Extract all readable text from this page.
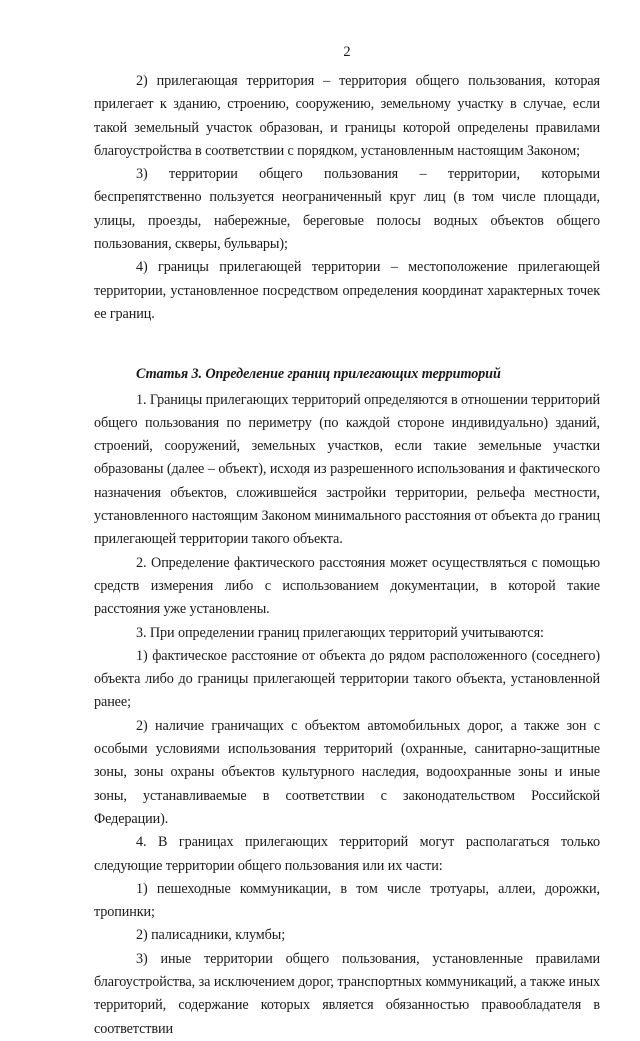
2

2) прилегающая территория – территория общего пользования, которая прилегает к зданию, строению, сооружению, земельному участку в случае, если такой земельный участок образован, и границы которой определены правилами благоустройства в соответствии с порядком, установленным настоящим Законом;

3) территории общего пользования – территории, которыми беспрепятственно пользуется неограниченный круг лиц (в том числе площади, улицы, проезды, набережные, береговые полосы водных объектов общего пользования, скверы, бульвары);

4) границы прилегающей территории – местоположение прилегающей территории, установленное посредством определения координат характерных точек ее границ.

Статья 3. Определение границ прилегающих территорий

1. Границы прилегающих территорий определяются в отношении территорий общего пользования по периметру (по каждой стороне индивидуально) зданий, строений, сооружений, земельных участков, если такие земельные участки образованы (далее – объект), исходя из разрешенного использования и фактического назначения объектов, сложившейся застройки территории, рельефа местности, установленного настоящим Законом минимального расстояния от объекта до границ прилегающей территории такого объекта.

2. Определение фактического расстояния может осуществляться с помощью средств измерения либо с использованием документации, в которой такие расстояния уже установлены.

3. При определении границ прилегающих территорий учитываются:

1) фактическое расстояние от объекта до рядом расположенного (соседнего) объекта либо до границы прилегающей территории такого объекта, установленной ранее;

2) наличие граничащих с объектом автомобильных дорог, а также зон с особыми условиями использования территорий (охранные, санитарно-защитные зоны, зоны охраны объектов культурного наследия, водоохранные зоны и иные зоны, устанавливаемые в соответствии с законодательством Российской Федерации).

4. В границах прилегающих территорий могут располагаться только следующие территории общего пользования или их части:

1) пешеходные коммуникации, в том числе тротуары, аллеи, дорожки, тропинки;

2) палисадники, клумбы;

3) иные территории общего пользования, установленные правилами благоустройства, за исключением дорог, транспортных коммуникаций, а также иных территорий, содержание которых является обязанностью правообладателя в соответствии
